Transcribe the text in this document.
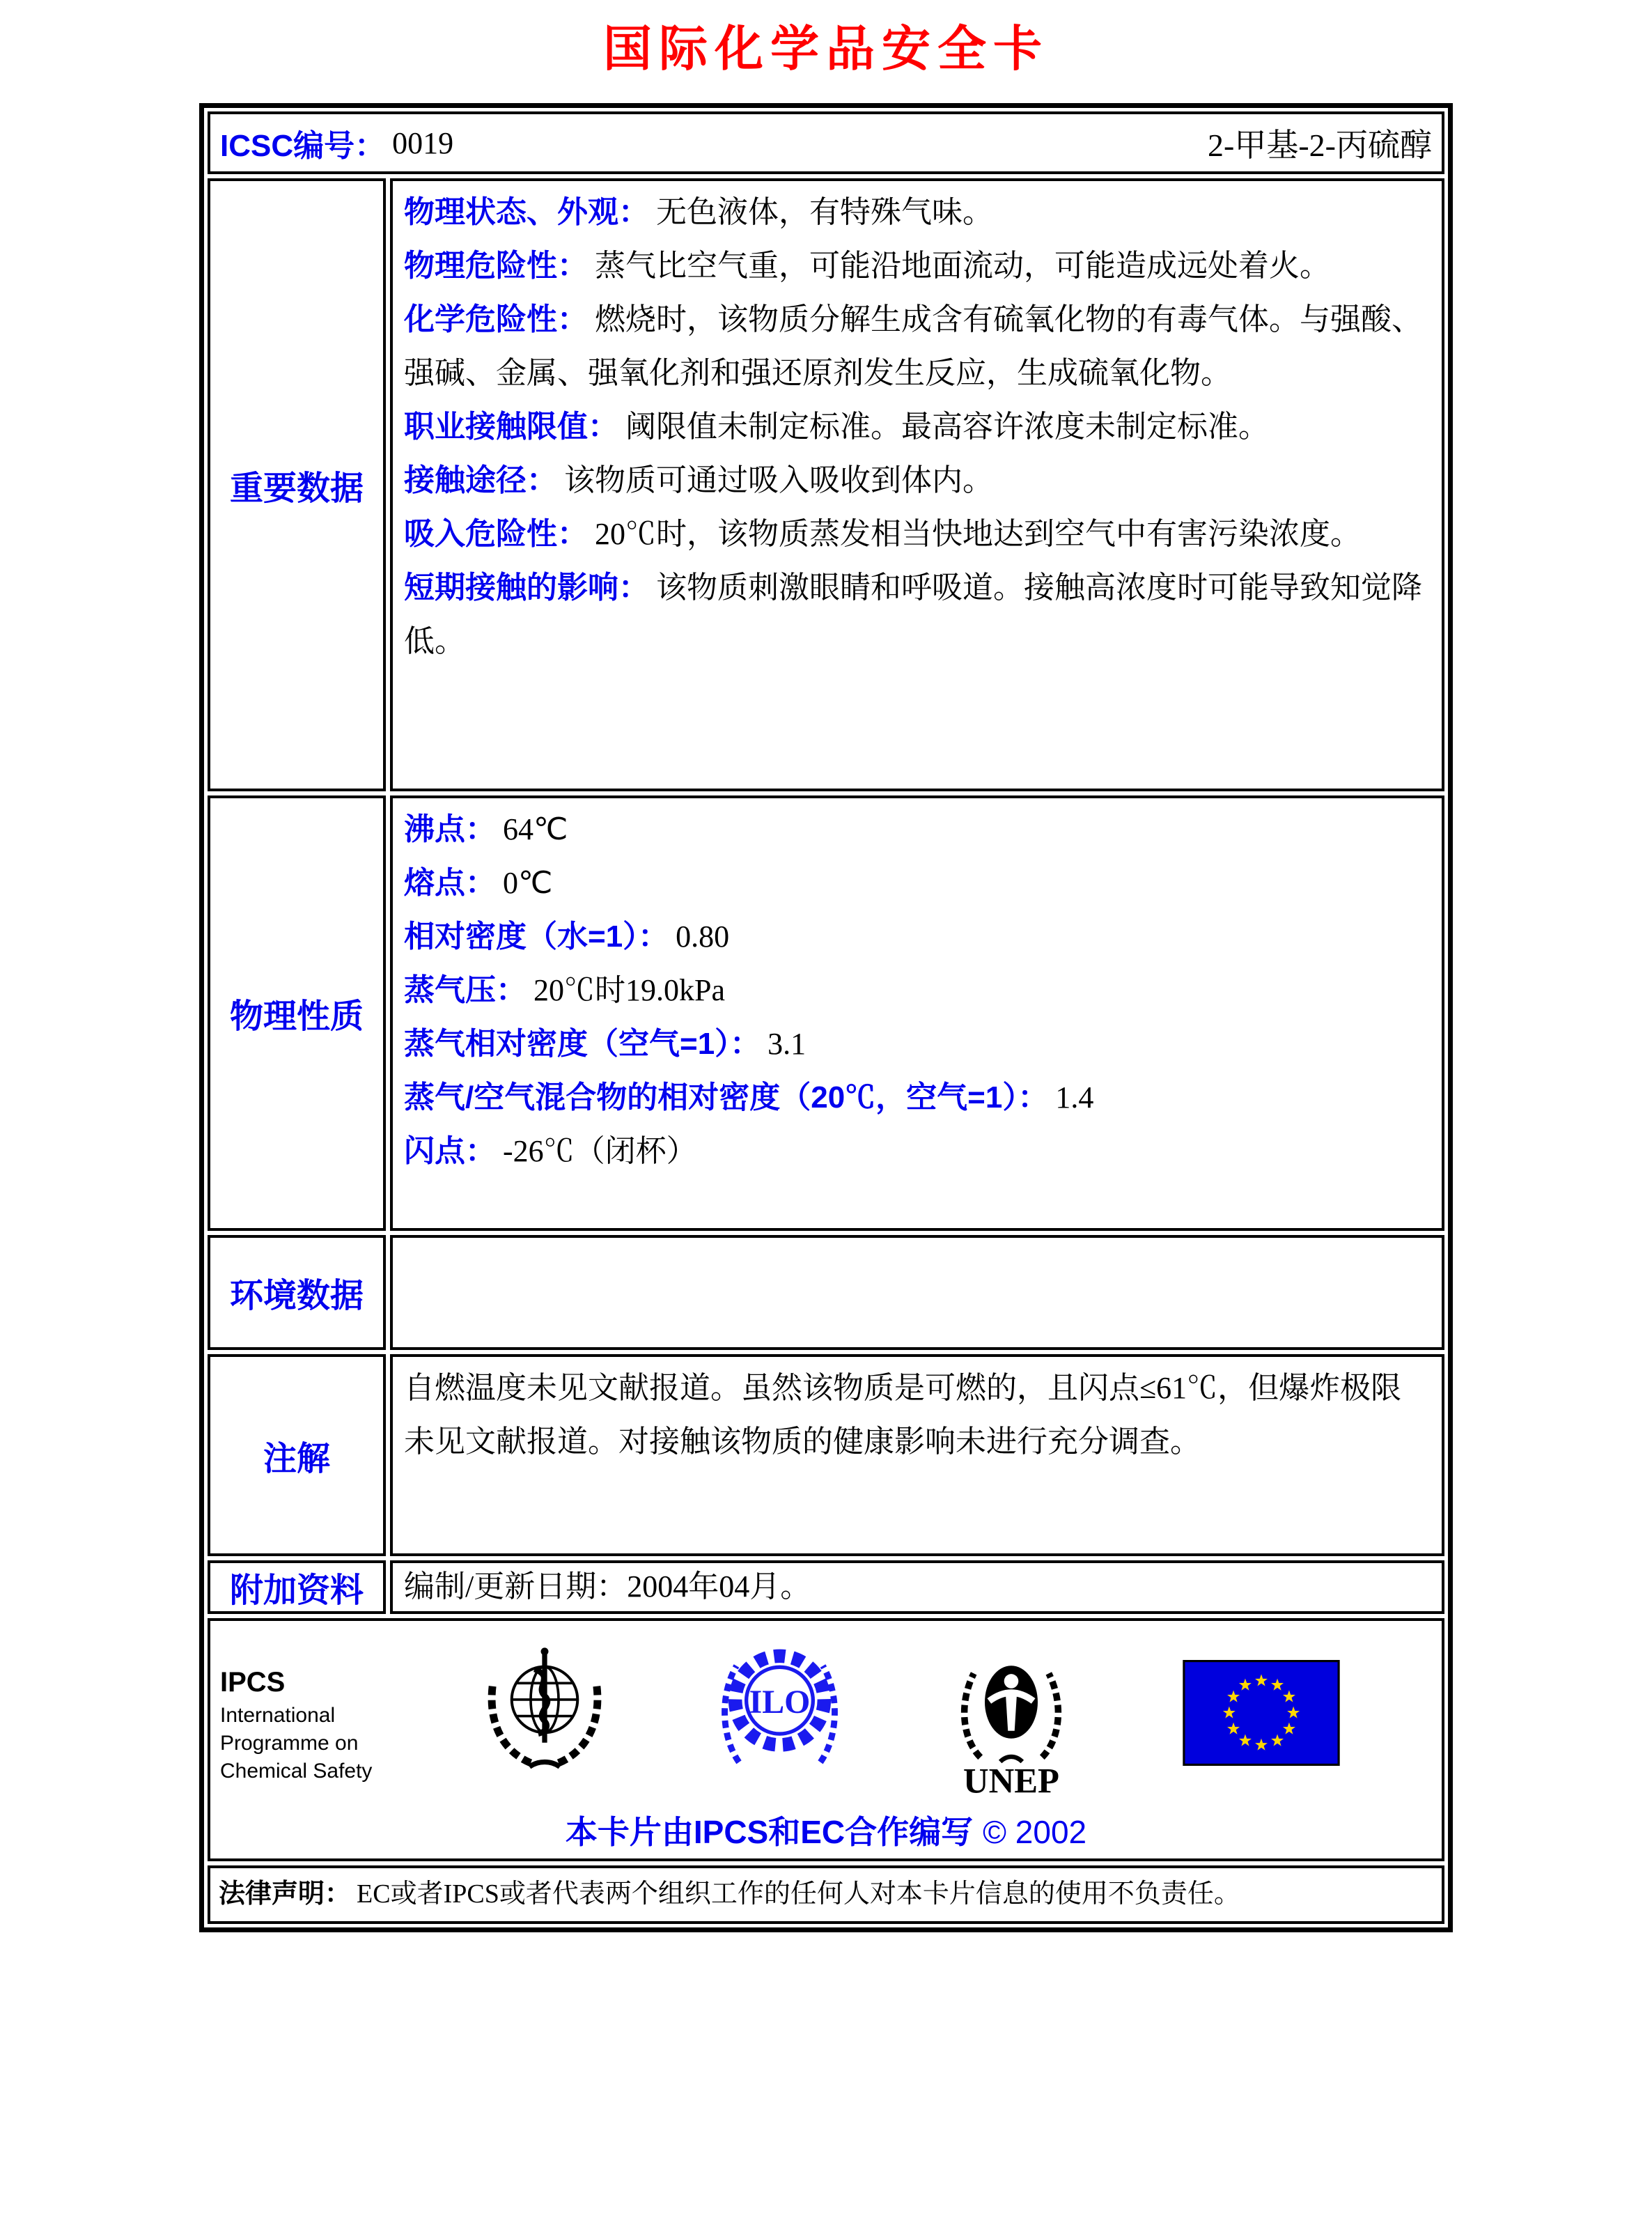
国际化学品安全卡
ICSC编号： 0019	2-甲基-2-丙硫醇
重要数据
物理状态、外观： 无色液体，有特殊气味。
物理危险性： 蒸气比空气重，可能沿地面流动，可能造成远处着火。
化学危险性： 燃烧时，该物质分解生成含有硫氧化物的有毒气体。与强酸、强碱、金属、强氧化剂和强还原剂发生反应，生成硫氧化物。
职业接触限值： 阈限值未制定标准。最高容许浓度未制定标准。
接触途径： 该物质可通过吸入吸收到体内。
吸入危险性： 20℃时，该物质蒸发相当快地达到空气中有害污染浓度。
短期接触的影响： 该物质刺激眼睛和呼吸道。接触高浓度时可能导致知觉降低。
物理性质
沸点： 64℃
熔点： 0℃
相对密度（水=1）： 0.80
蒸气压： 20℃时19.0kPa
蒸气相对密度（空气=1）： 3.1
蒸气/空气混合物的相对密度（20℃，空气=1）： 1.4
闪点： -26℃（闭杯）
环境数据
注解
自燃温度未见文献报道。虽然该物质是可燃的，且闪点≤61℃，但爆炸极限未见文献报道。对接触该物质的健康影响未进行充分调查。
附加资料	编制/更新日期：2004年04月。
IPCS
International
Programme on
Chemical Safety
ILO
UNEP
本卡片由IPCS和EC合作编写 © 2002
法律声明： EC或者IPCS或者代表两个组织工作的任何人对本卡片信息的使用不负责任。
